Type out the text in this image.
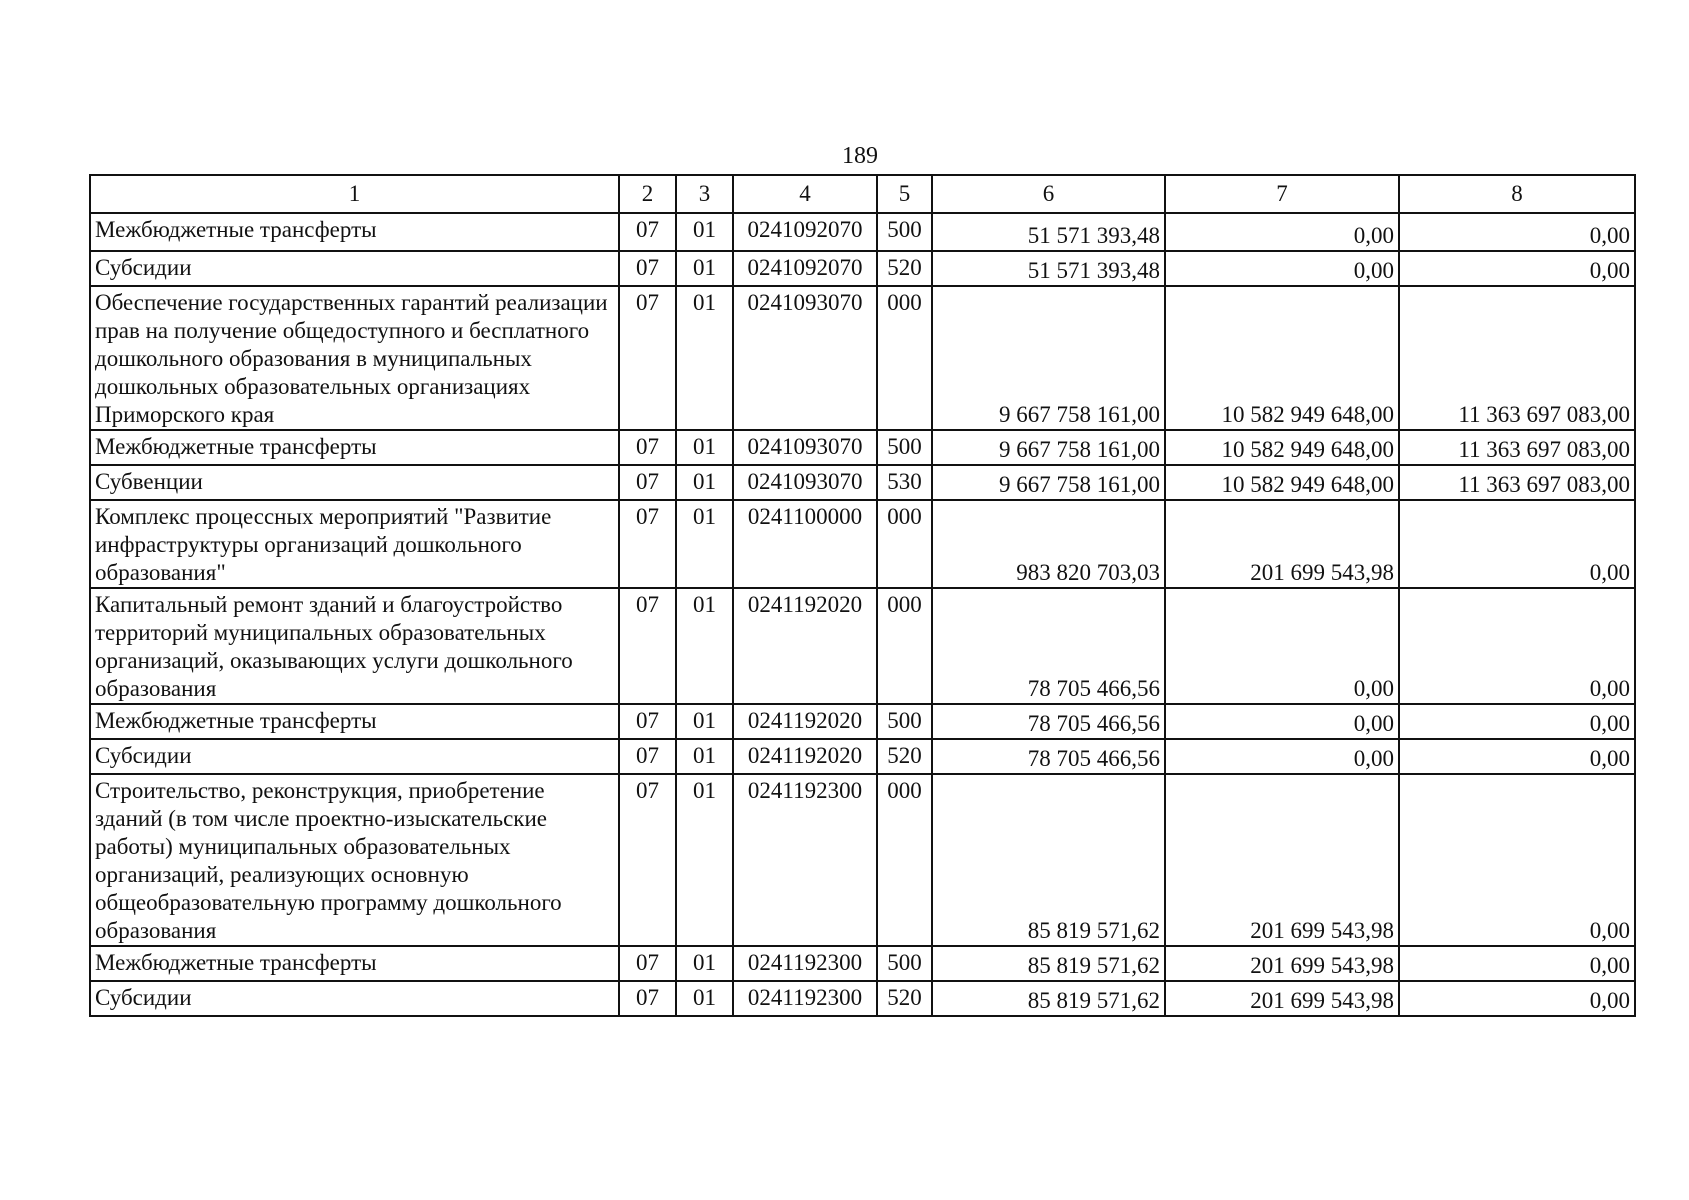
189
1	2	3	4	5	6	7	8
Межбюджетные трансферты	07	01	0241092070	500	51 571 393,48	0,00	0,00
Субсидии	07	01	0241092070	520	51 571 393,48	0,00	0,00
Обеспечение государственных гарантий реализации прав на получение общедоступного и бесплатного дошкольного образования в муниципальных дошкольных образовательных организациях Приморского края	07	01	0241093070	000	9 667 758 161,00	10 582 949 648,00	11 363 697 083,00
Межбюджетные трансферты	07	01	0241093070	500	9 667 758 161,00	10 582 949 648,00	11 363 697 083,00
Субвенции	07	01	0241093070	530	9 667 758 161,00	10 582 949 648,00	11 363 697 083,00
Комплекс процессных мероприятий "Развитие инфраструктуры организаций дошкольного образования"	07	01	0241100000	000	983 820 703,03	201 699 543,98	0,00
Капитальный ремонт зданий и благоустройство территорий муниципальных образовательных организаций, оказывающих услуги дошкольного образования	07	01	0241192020	000	78 705 466,56	0,00	0,00
Межбюджетные трансферты	07	01	0241192020	500	78 705 466,56	0,00	0,00
Субсидии	07	01	0241192020	520	78 705 466,56	0,00	0,00
Строительство, реконструкция, приобретение зданий (в том числе проектно-изыскательские работы) муниципальных образовательных организаций, реализующих основную общеобразовательную программу дошкольного образования	07	01	0241192300	000	85 819 571,62	201 699 543,98	0,00
Межбюджетные трансферты	07	01	0241192300	500	85 819 571,62	201 699 543,98	0,00
Субсидии	07	01	0241192300	520	85 819 571,62	201 699 543,98	0,00
